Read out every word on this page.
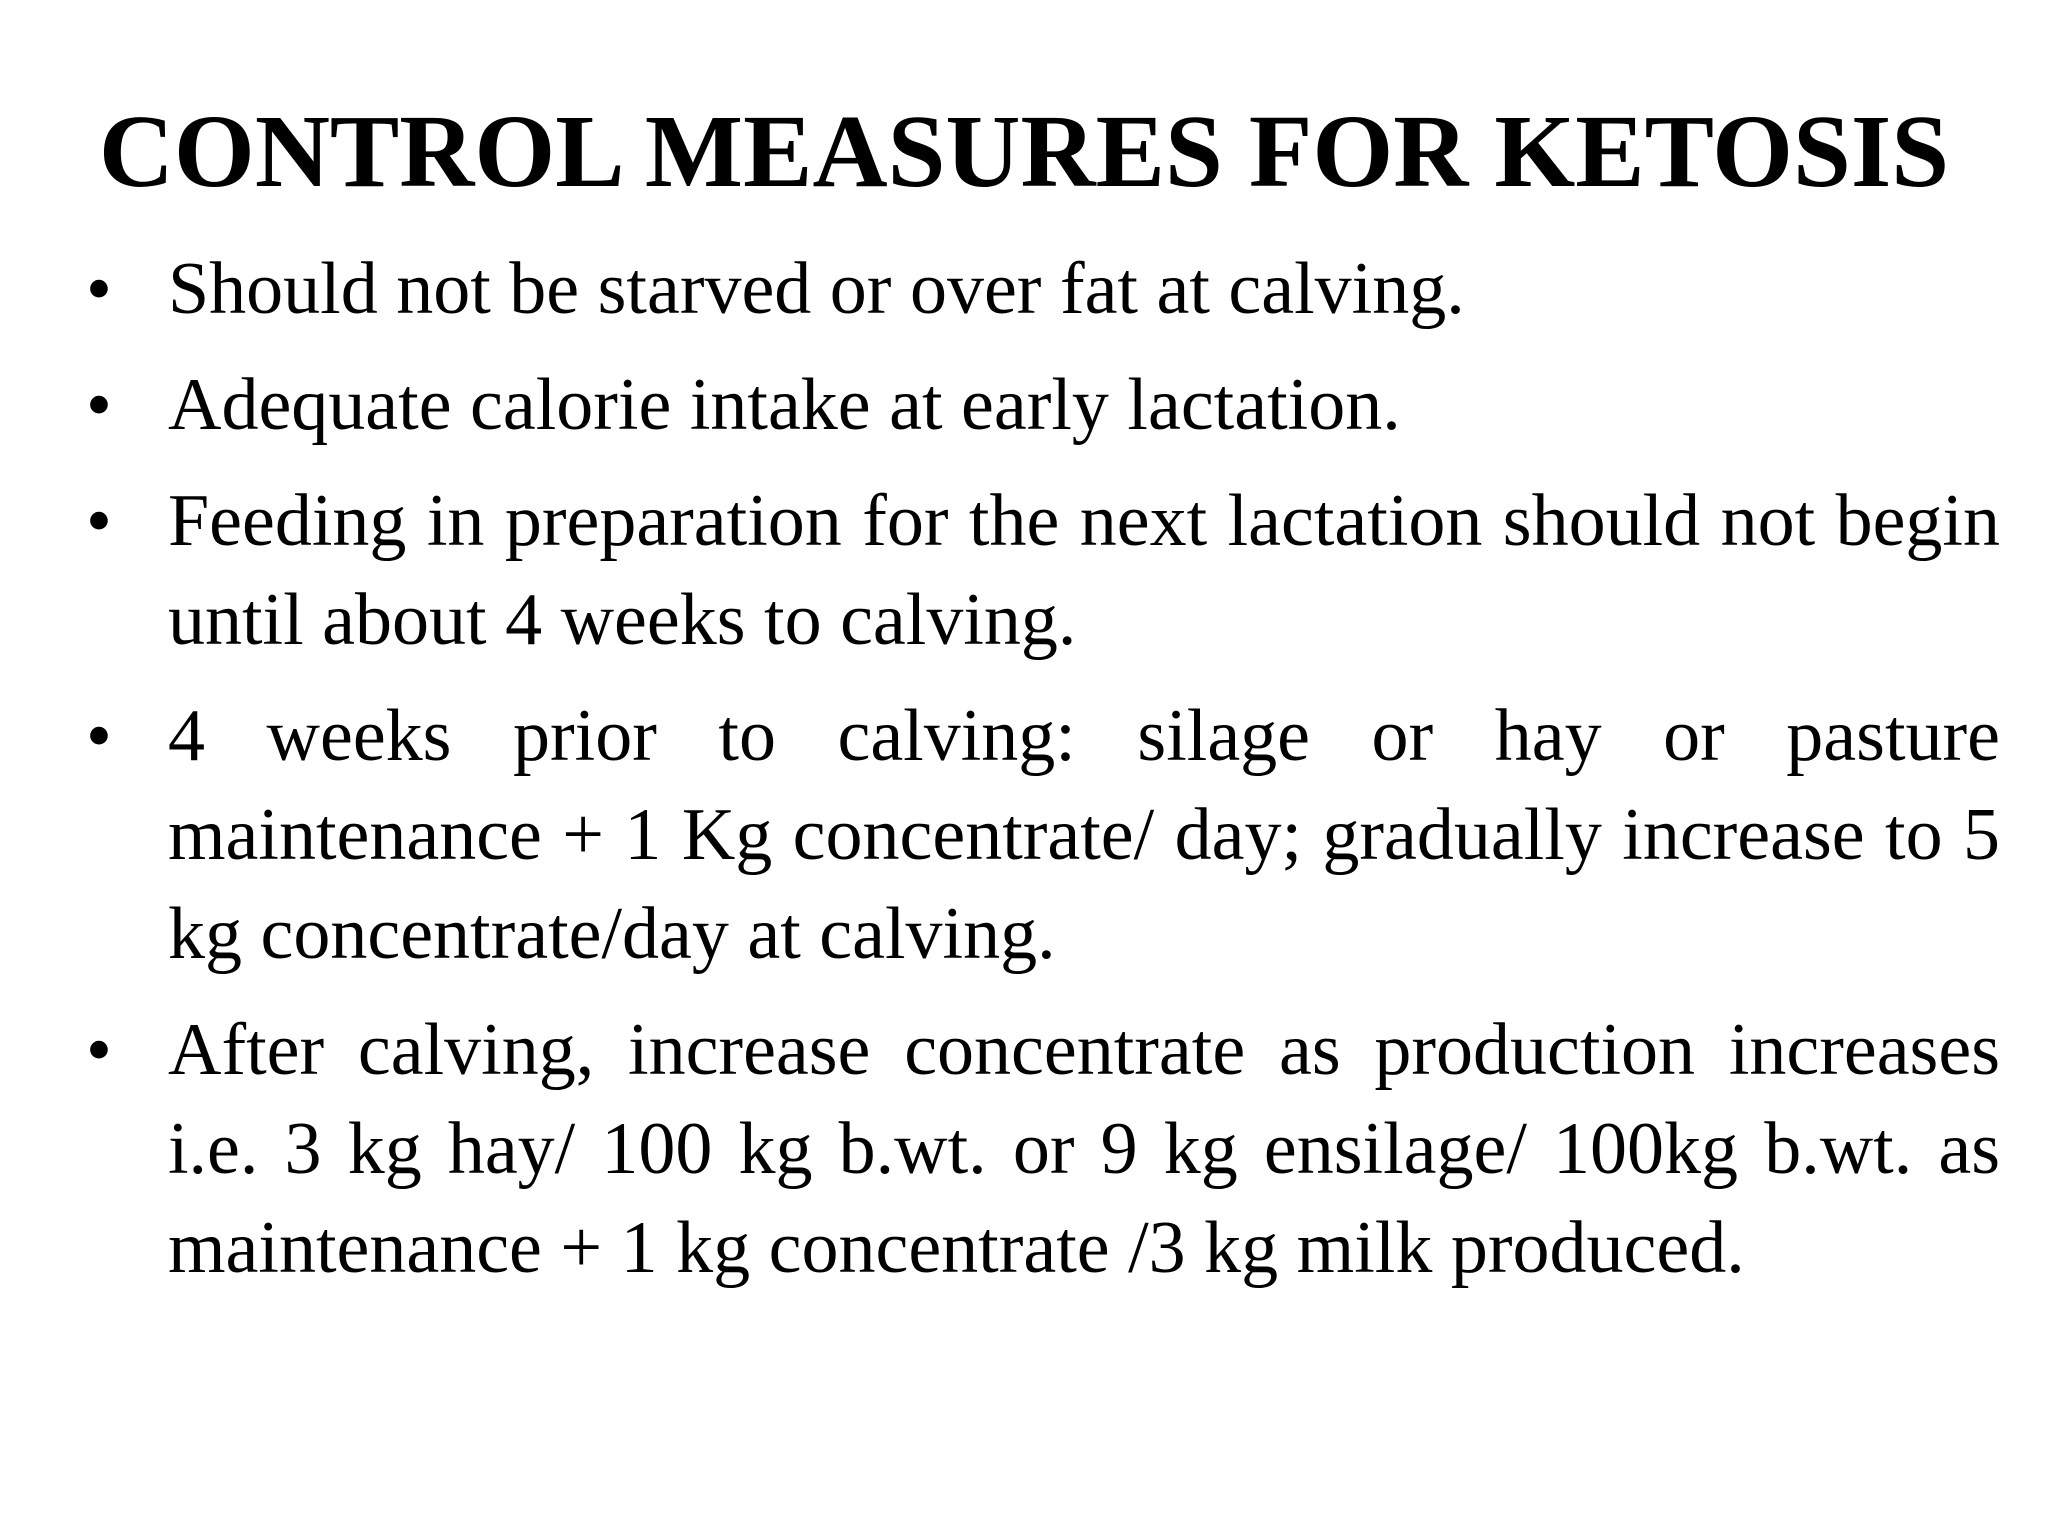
CONTROL MEASURES FOR KETOSIS
• Should not be starved or over fat at calving.
• Adequate calorie intake at early lactation.
• Feeding in preparation for the next lactation should not begin until about 4 weeks to calving.
• 4 weeks prior to calving: silage or hay or pasture maintenance + 1 Kg concentrate/ day; gradually increase to 5 kg concentrate/day at calving.
• After calving, increase concentrate as production increases i.e. 3 kg hay/ 100 kg b.wt. or 9 kg ensilage/ 100kg b.wt. as maintenance + 1 kg concentrate /3 kg milk produced.
